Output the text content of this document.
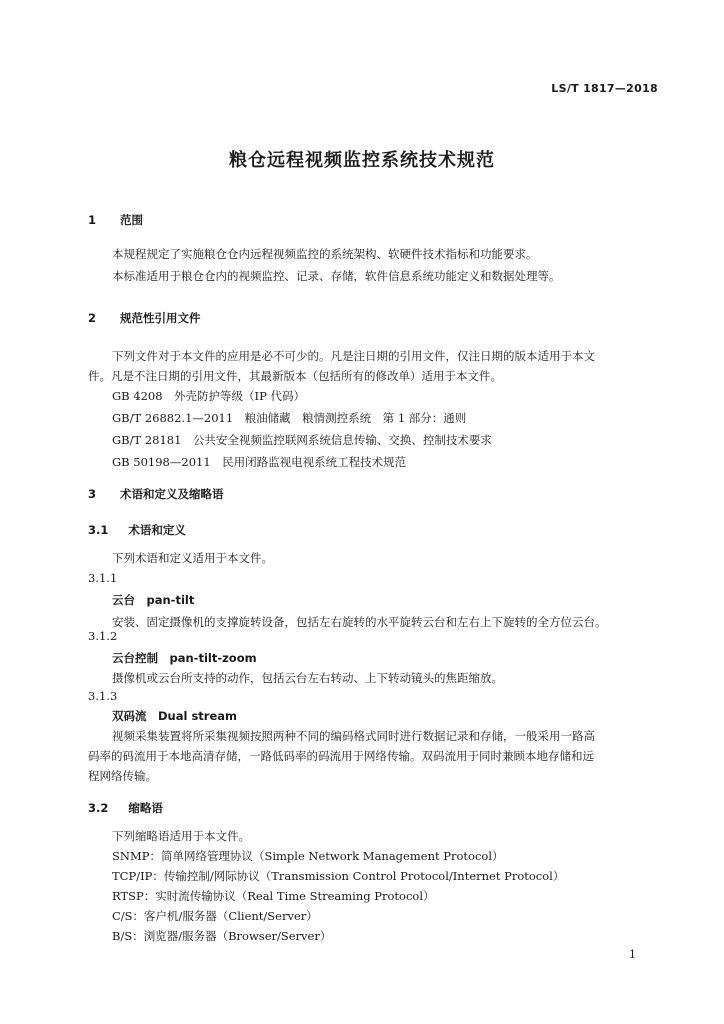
LS/T 1817—2018
粮仓远程视频监控系统技术规范
1 范围
本规程规定了实施粮仓仓内远程视频监控的系统架构、软硬件技术指标和功能要求。
本标准适用于粮仓仓内的视频监控、记录、存储，软件信息系统功能定义和数据处理等。
2 规范性引用文件
下列文件对于本文件的应用是必不可少的。凡是注日期的引用文件，仅注日期的版本适用于本文
件。凡是不注日期的引用文件，其最新版本（包括所有的修改单）适用于本文件。
GB 4208　外壳防护等级（IP 代码）
GB/T 26882.1—2011　粮油储藏　粮情测控系统　第 1 部分：通则
GB/T 28181　公共安全视频监控联网系统信息传输、交换、控制技术要求
GB 50198—2011　民用闭路监视电视系统工程技术规范
3 术语和定义及缩略语
3.1 术语和定义
下列术语和定义适用于本文件。
3.1.1
云台　pan-tilt
安装、固定摄像机的支撑旋转设备，包括左右旋转的水平旋转云台和左右上下旋转的全方位云台。
3.1.2
云台控制　pan-tilt-zoom
摄像机或云台所支持的动作，包括云台左右转动、上下转动镜头的焦距缩放。
3.1.3
双码流　Dual stream
视频采集装置将所采集视频按照两种不同的编码格式同时进行数据记录和存储，一般采用一路高
码率的码流用于本地高清存储，一路低码率的码流用于网络传输。双码流用于同时兼顾本地存储和远
程网络传输。
3.2 缩略语
下列缩略语适用于本文件。
SNMP：简单网络管理协议（Simple Network Management Protocol）
TCP/IP：传输控制/网际协议（Transmission Control Protocol/Internet Protocol）
RTSP：实时流传输协议（Real Time Streaming Protocol）
C/S：客户机/服务器（Client/Server）
B/S：浏览器/服务器（Browser/Server）
1
